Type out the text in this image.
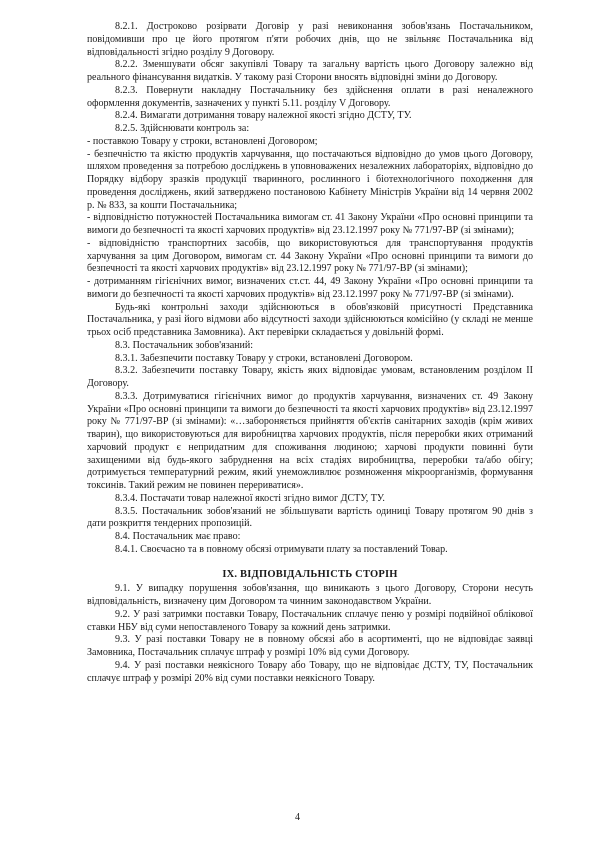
8.2.1. Достроково розірвати Договір у разі невиконання зобов'язань Постачальником, повідомивши про це його протягом п'яти робочих днів, що не звільняє Постачальника від відповідальності згідно розділу 9 Договору.

8.2.2. Зменшувати обсяг закупівлі Товару та загальну вартість цього Договору залежно від реального фінансування видатків. У такому разі Сторони вносять відповідні зміни до Договору.

8.2.3. Повернути накладну Постачальнику без здійснення оплати в разі неналежного оформлення документів, зазначених у пункті 5.11. розділу V Договору.

8.2.4. Вимагати дотримання товару належної якості згідно ДСТУ, ТУ.

8.2.5. Здійснювати контроль за:

- поставкою Товару у строки, встановлені Договором;

- безпечністю та якістю продуктів харчування, що постачаються відповідно до умов цього Договору, шляхом проведення за потребою досліджень в уповноважених незалежних лабораторіях, відповідно до Порядку відбору зразків продукції тваринного, рослинного і біотехнологічного походження для проведення досліджень, який затверджено постановою Кабінету Міністрів України від 14 червня 2002 р. № 833, за кошти Постачальника;

- відповідністю потужностей Постачальника вимогам ст. 41 Закону України «Про основні принципи та вимоги до безпечності та якості харчових продуктів» від 23.12.1997 року № 771/97-ВР (зі змінами);

- відповідністю транспортних засобів, що використовуються для транспортування продуктів харчування за цим Договором, вимогам ст. 44 Закону України «Про основні принципи та вимоги до безпечності та якості харчових продуктів» від 23.12.1997 року № 771/97-ВР (зі змінами);

- дотриманням гігієнічних вимог, визначених ст.ст. 44, 49 Закону України «Про основні принципи та вимоги до безпечності та якості харчових продуктів» від 23.12.1997 року № 771/97-ВР (зі змінами).

Будь-які контрольні заходи здійснюються в обов'язковій присутності Представника Постачальника, у разі його відмови або відсутності заходи здійснюються комісійно (у складі не менше трьох осіб представника Замовника). Акт перевірки складається у довільній формі.

8.3. Постачальник зобов'язаний:

8.3.1. Забезпечити поставку Товару у строки, встановлені Договором.

8.3.2. Забезпечити поставку Товару, якість яких відповідає умовам, встановленим розділом II Договору.

8.3.3. Дотримуватися гігієнічних вимог до продуктів харчування, визначених ст. 49 Закону України «Про основні принципи та вимоги до безпечності та якості харчових продуктів» від 23.12.1997 року № 771/97-ВР (зі змінами): «…забороняється прийняття об'єктів санітарних заходів (крім живих тварин), що використовуються для виробництва харчових продуктів, після переробки яких отриманий харчовий продукт є непридатним для споживання людиною; харчові продукти повинні бути захищеними від будь-якого забруднення на всіх стадіях виробництва, переробки та/або обігу; дотримується температурний режим, який унеможливлює розмноження мікроорганізмів, формування токсинів. Такий режим не повинен перериватися».

8.3.4. Постачати товар належної якості згідно вимог ДСТУ, ТУ.

8.3.5. Постачальник зобов'язаний не збільшувати вартість одиниці Товару протягом 90 днів з дати розкриття тендерних пропозицій.

8.4. Постачальник має право:

8.4.1. Своєчасно та в повному обсязі отримувати плату за поставлений Товар.

IX. ВІДПОВІДАЛЬНІСТЬ СТОРІН

9.1. У випадку порушення зобов'язання, що виникають з цього Договору, Сторони несуть відповідальність, визначену цим Договором та чинним законодавством України.

9.2. У разі затримки поставки Товару, Постачальник сплачує пеню у розмірі подвійної облікової ставки НБУ від суми непоставленого Товару за кожний день затримки.

9.3. У разі поставки Товару не в повному обсязі або в асортименті, що не відповідає заявці Замовника, Постачальник сплачує штраф у розмірі 10% від суми Договору.

9.4. У разі поставки неякісного Товару або Товару, що не відповідає ДСТУ, ТУ, Постачальник сплачує штраф у розмірі 20% від суми поставки неякісного Товару.

4
